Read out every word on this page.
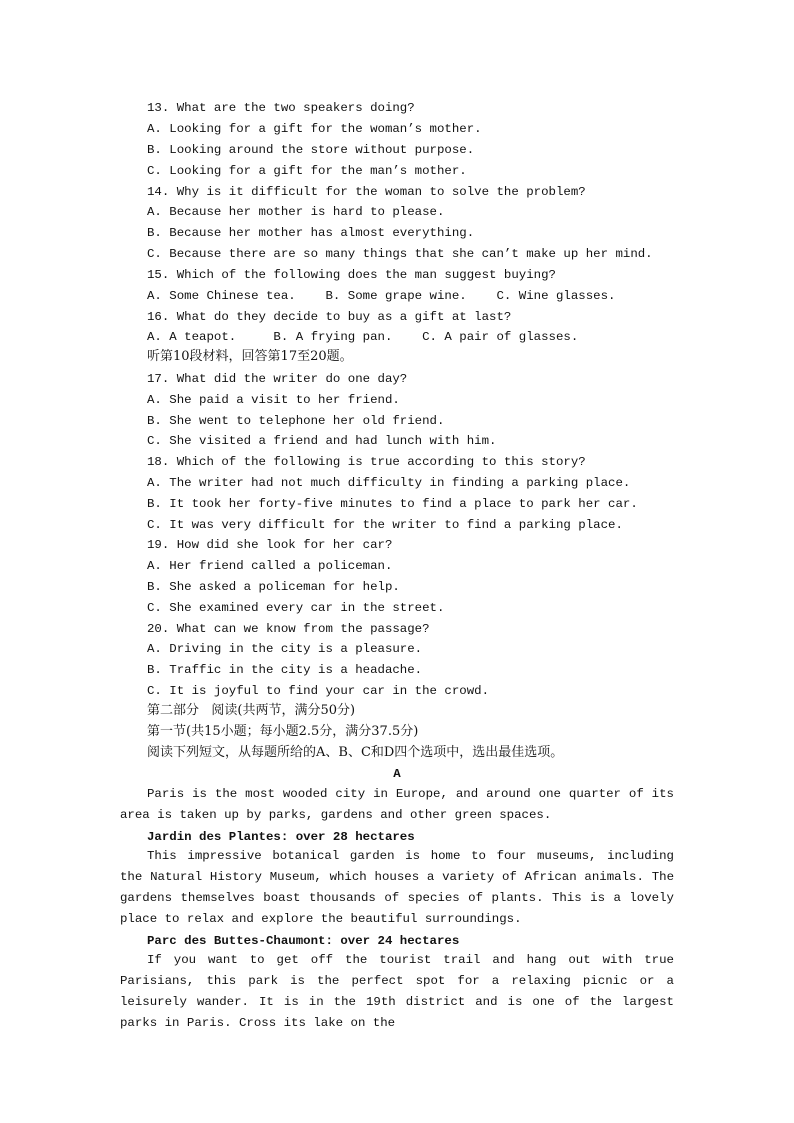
13. What are the two speakers doing?
A. Looking for a gift for the woman’s mother.
B. Looking around the store without purpose.
C. Looking for a gift for the man’s mother.
14. Why is it difficult for the woman to solve the problem?
A. Because her mother is hard to please.
B. Because her mother has almost everything.
C. Because there are so many things that she can’t make up her mind.
15. Which of the following does the man suggest buying?
A. Some Chinese tea.    B. Some grape wine.    C. Wine glasses.
16. What do they decide to buy as a gift at last?
A. A teapot.     B. A frying pan.    C. A pair of glasses.
听第10段材料，回答第17至20题。
17. What did the writer do one day?
A. She paid a visit to her friend.
B. She went to telephone her old friend.
C. She visited a friend and had lunch with him.
18. Which of the following is true according to this story?
A. The writer had not much difficulty in finding a parking place.
B. It took her forty-five minutes to find a place to park her car.
C. It was very difficult for the writer to find a parking place.
19. How did she look for her car?
A. Her friend called a policeman.
B. She asked a policeman for help.
C. She examined every car in the street.
20. What can we know from the passage?
A. Driving in the city is a pleasure.
B. Traffic in the city is a headache.
C. It is joyful to find your car in the crowd.
第二部分   阅读(共两节，满分50分)
第一节(共15小题；每小题2.5分，满分37.5分)
阅读下列短文，从每题所给的A、B、C和D四个选项中，选出最佳选项。
A
Paris is the most wooded city in Europe, and around one quarter of its area is taken up by parks, gardens and other green spaces.
Jardin des Plantes: over 28 hectares
This impressive botanical garden is home to four museums, including the Natural History Museum, which houses a variety of African animals. The gardens themselves boast thousands of species of plants. This is a lovely place to relax and explore the beautiful surroundings.
Parc des Buttes-Chaumont: over 24 hectares
If you want to get off the tourist trail and hang out with true Parisians, this park is the perfect spot for a relaxing picnic or a leisurely wander. It is in the 19th district and is one of the largest parks in Paris. Cross its lake on the
